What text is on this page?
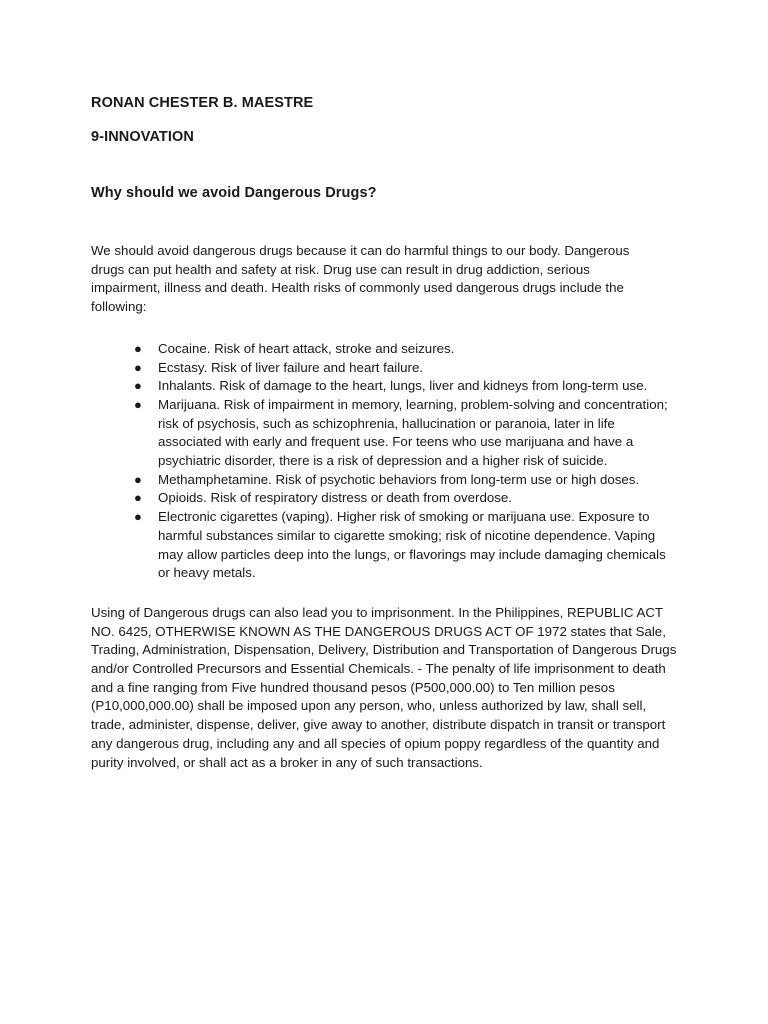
RONAN CHESTER B. MAESTRE

9-INNOVATION

Why should we avoid Dangerous Drugs?

We should avoid dangerous drugs because it can do harmful things to our body. Dangerous drugs can put health and safety at risk. Drug use can result in drug addiction, serious impairment, illness and death. Health risks of commonly used dangerous drugs include the following:

● Cocaine. Risk of heart attack, stroke and seizures.
● Ecstasy. Risk of liver failure and heart failure.
● Inhalants. Risk of damage to the heart, lungs, liver and kidneys from long-term use.
● Marijuana. Risk of impairment in memory, learning, problem-solving and concentration; risk of psychosis, such as schizophrenia, hallucination or paranoia, later in life associated with early and frequent use. For teens who use marijuana and have a psychiatric disorder, there is a risk of depression and a higher risk of suicide.
● Methamphetamine. Risk of psychotic behaviors from long-term use or high doses.
● Opioids. Risk of respiratory distress or death from overdose.
● Electronic cigarettes (vaping). Higher risk of smoking or marijuana use. Exposure to harmful substances similar to cigarette smoking; risk of nicotine dependence. Vaping may allow particles deep into the lungs, or flavorings may include damaging chemicals or heavy metals.

Using of Dangerous drugs can also lead you to imprisonment. In the Philippines, REPUBLIC ACT NO. 6425, OTHERWISE KNOWN AS THE DANGEROUS DRUGS ACT OF 1972 states that Sale, Trading, Administration, Dispensation, Delivery, Distribution and Transportation of Dangerous Drugs and/or Controlled Precursors and Essential Chemicals. - The penalty of life imprisonment to death and a fine ranging from Five hundred thousand pesos (P500,000.00) to Ten million pesos (P10,000,000.00) shall be imposed upon any person, who, unless authorized by law, shall sell, trade, administer, dispense, deliver, give away to another, distribute dispatch in transit or transport any dangerous drug, including any and all species of opium poppy regardless of the quantity and purity involved, or shall act as a broker in any of such transactions.
